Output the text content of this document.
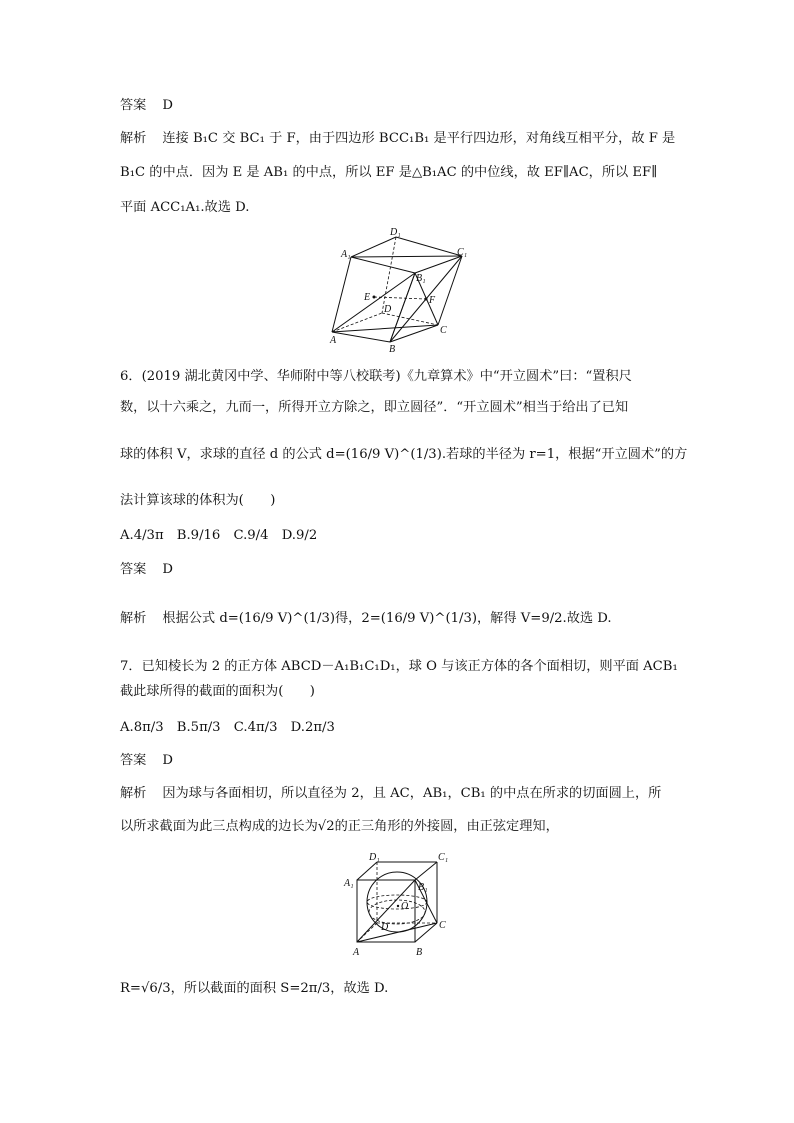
答案 D
解析 连接 B₁C 交 BC₁ 于 F，由于四边形 BCC₁B₁ 是平行四边形，对角线互相平分，故 F 是
B₁C 的中点．因为 E 是 AB₁ 的中点，所以 EF 是△B₁AC 的中位线，故 EF∥AC，所以 EF∥
平面 ACC₁A₁.故选 D.
A₁
D₁
C₁
B₁
E	F
D
A
B
C
6．(2019 湖北黄冈中学、华师附中等八校联考)《九章算术》中“开立圆术”曰：“置积尺
数，以十六乘之，九而一，所得开立方除之，即立圆径”．“开立圆术”相当于给出了已知
球的体积 V，求球的直径 d 的公式 d=(16/9 V)^(1/3).若球的半径为 r=1，根据“开立圆术”的方
法计算该球的体积为(　　)
A.4/3π　B.9/16　C.9/4　D.9/2
答案 D
解析 根据公式 d=(16/9 V)^(1/3)得，2=(16/9 V)^(1/3)，解得 V=9/2.故选 D.
7．已知棱长为 2 的正方体 ABCD－A₁B₁C₁D₁，球 O 与该正方体的各个面相切，则平面 ACB₁
截此球所得的截面的面积为(　　)
A.8π/3　B.5π/3　C.4π/3　D.2π/3
答案 D
解析 因为球与各面相切，所以直径为 2，且 AC，AB₁，CB₁ 的中点在所求的切面圆上，所
以所求截面为此三点构成的边长为√2的正三角形的外接圆，由正弦定理知，
D₁	C₁
A₁	B₁
O
C
D
A	B
R=√6/3，所以截面的面积 S=2π/3，故选 D.
